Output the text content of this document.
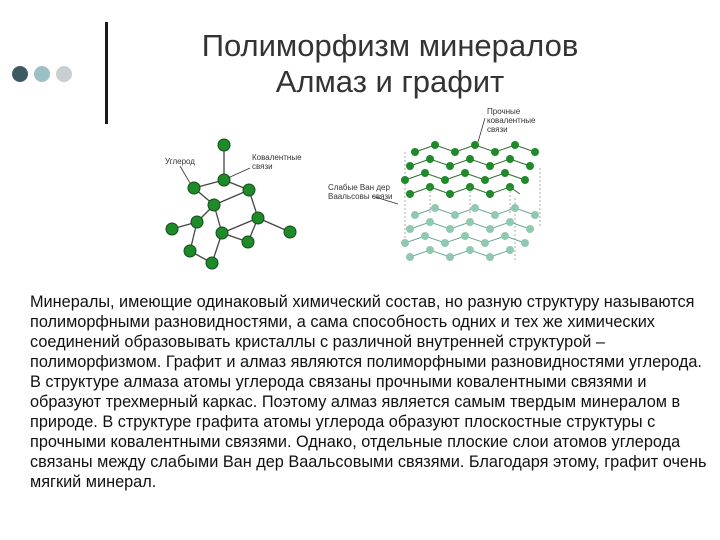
Полиморфизм минералов
Алмаз и графит
Углерод	Ковалентные
связи
Прочные
ковалентные
связи
Слабые Ван дер
Ваальсовы связи

Минералы, имеющие одинаковый химический состав, но разную структуру называются полиморфными разновидностями, а сама способность одних и тех же химических соединений образовывать кристаллы с различной внутренней структурой – полиморфизмом. Графит и алмаз являются полиморфными разновидностями углерода. В структуре алмаза атомы углерода связаны прочными ковалентными связями и образуют трехмерный каркас. Поэтому алмаз является самым твердым минералом в природе. В структуре графита атомы углерода образуют плоскостные структуры с прочными ковалентными связями. Однако, отдельные плоские слои атомов углерода связаны между слабыми Ван дер Ваальсовыми связями. Благодаря этому, графит очень мягкий минерал.
